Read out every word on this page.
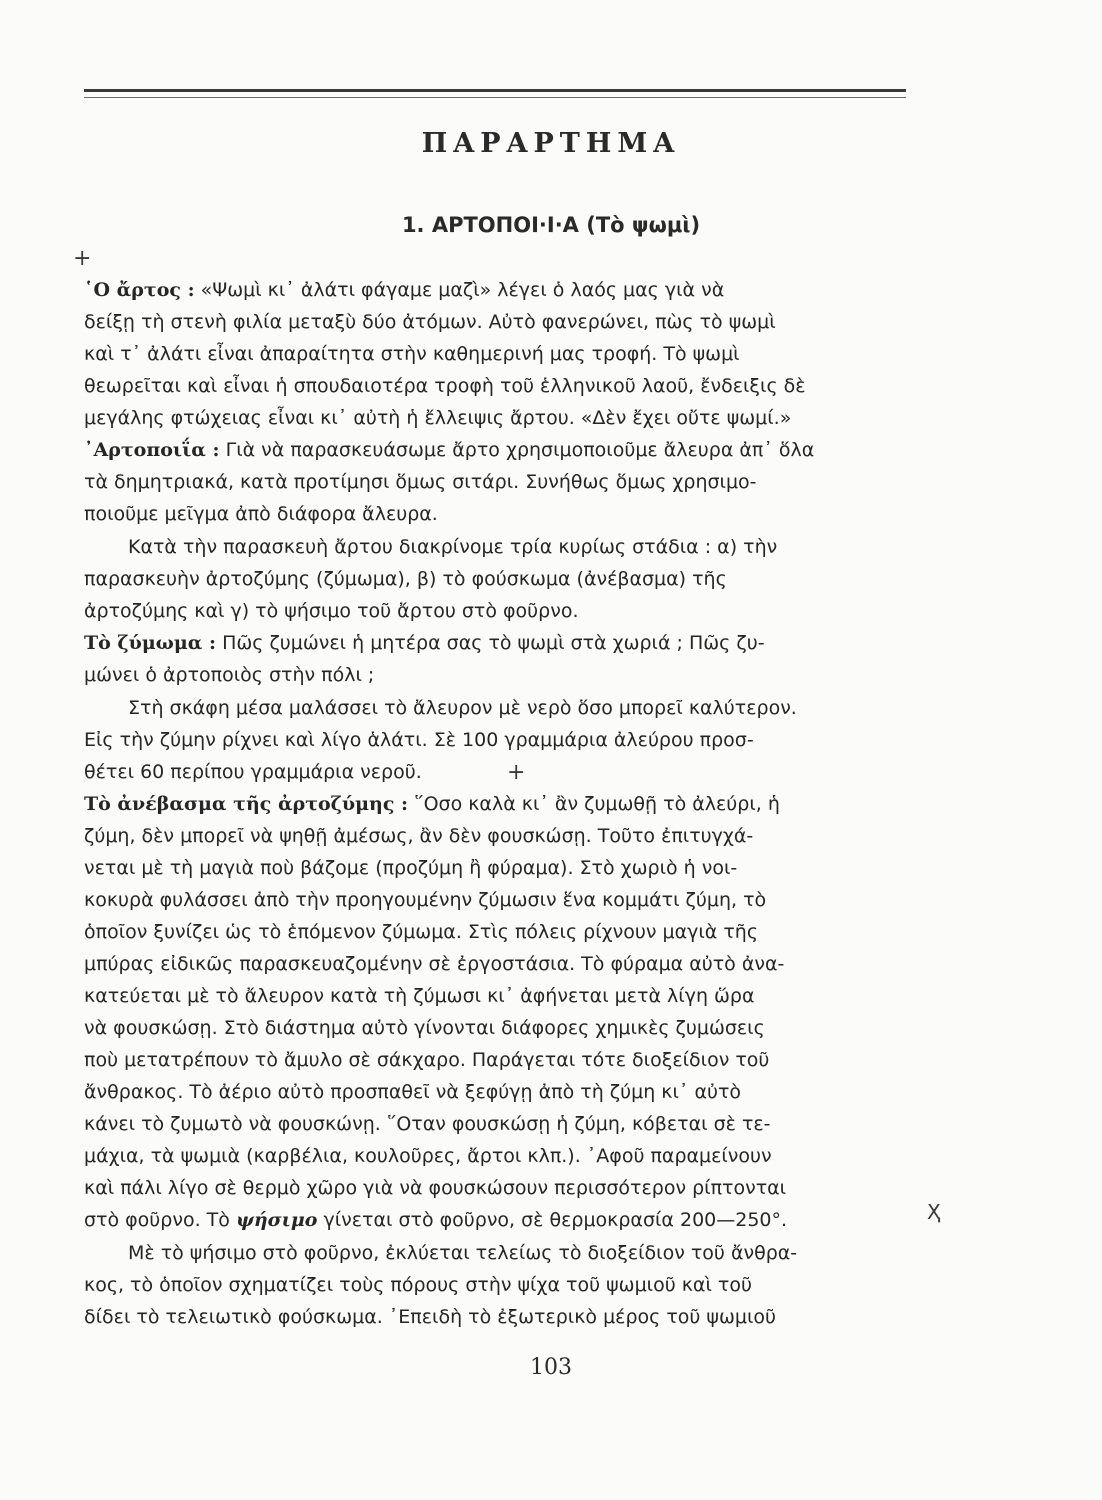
ΠΑΡΑΡΤΗΜΑ
1. ΑΡΤΟΠΟΙ·Ι·Α (Τὸ ψωμὶ)
+
+
Ҳ
῾Ο ἄρτος : «Ψωμὶ κι᾿ ἀλάτι φάγαμε μαζὶ» λέγει ὁ λαός μας γιὰ νὰ
δείξῃ τὴ στενὴ φιλία μεταξὺ δύο ἀτόμων. Αὐτὸ φανερώνει, πὼς τὸ ψωμὶ
καὶ τ᾿ ἀλάτι εἶναι ἀπαραίτητα στὴν καθημερινή μας τροφή. Τὸ ψωμὶ
θεωρεῖται καὶ εἶναι ἡ σπουδαιοτέρα τροφὴ τοῦ ἑλληνικοῦ λαοῦ, ἔνδειξις δὲ
μεγάλης φτώχειας εἶναι κι᾿ αὐτὴ ἡ ἔλλειψις ἄρτου. «Δὲν ἔχει οὔτε ψωμί.»
᾿Αρτοποιΐα : Γιὰ νὰ παρασκευάσωμε ἄρτο χρησιμοποιοῦμε ἄλευρα ἀπ᾿ ὅλα
τὰ δημητριακά, κατὰ προτίμησι ὅμως σιτάρι. Συνήθως ὅμως χρησιμο-
ποιοῦμε μεῖγμα ἀπὸ διάφορα ἄλευρα.
Κατὰ τὴν παρασκευὴ ἄρτου διακρίνομε τρία κυρίως στάδια : α) τὴν
παρασκευὴν ἀρτοζύμης (ζύμωμα), β) τὸ φούσκωμα (ἀνέβασμα) τῆς
ἀρτοζύμης καὶ γ) τὸ ψήσιμο τοῦ ἄρτου στὸ φοῦρνο.
Τὸ ζύμωμα : Πῶς ζυμώνει ἡ μητέρα σας τὸ ψωμὶ στὰ χωριά ; Πῶς ζυ-
μώνει ὁ ἀρτοποιὸς στὴν πόλι ;
Στὴ σκάφη μέσα μαλάσσει τὸ ἄλευρον μὲ νερὸ ὅσο μπορεῖ καλύτερον.
Εἰς τὴν ζύμην ρίχνει καὶ λίγο ἁλάτι. Σὲ 100 γραμμάρια ἀλεύρου προσ-
θέτει 60 περίπου γραμμάρια νεροῦ.
Τὸ ἀνέβασμα τῆς ἀρτοζύμης : ῞Οσο καλὰ κι᾿ ἂν ζυμωθῇ τὸ ἀλεύρι, ἡ
ζύμη, δὲν μπορεῖ νὰ ψηθῇ ἀμέσως, ἂν δὲν φουσκώσῃ. Τοῦτο ἐπιτυγχά-
νεται μὲ τὴ μαγιὰ ποὺ βάζομε (προζύμη ἢ φύραμα). Στὸ χωριὸ ἡ νοι-
κοκυρὰ φυλάσσει ἀπὸ τὴν προηγουμένην ζύμωσιν ἕνα κομμάτι ζύμη, τὸ
ὁποῖον ξυνίζει ὡς τὸ ἑπόμενον ζύμωμα. Στὶς πόλεις ρίχνουν μαγιὰ τῆς
μπύρας εἰδικῶς παρασκευαζομένην σὲ ἐργοστάσια. Τὸ φύραμα αὐτὸ ἀνα-
κατεύεται μὲ τὸ ἄλευρον κατὰ τὴ ζύμωσι κι᾿ ἀφήνεται μετὰ λίγη ὥρα
νὰ φουσκώσῃ. Στὸ διάστημα αὐτὸ γίνονται διάφορες χημικὲς ζυμώσεις
ποὺ μετατρέπουν τὸ ἄμυλο σὲ σάκχαρο. Παράγεται τότε διοξείδιον τοῦ
ἄνθρακος. Τὸ ἀέριο αὐτὸ προσπαθεῖ νὰ ξεφύγῃ ἀπὸ τὴ ζύμη κι᾿ αὐτὸ
κάνει τὸ ζυμωτὸ νὰ φουσκώνῃ. ῞Οταν φουσκώσῃ ἡ ζύμη, κόβεται σὲ τε-
μάχια, τὰ ψωμιὰ (καρβέλια, κουλοῦρες, ἄρτοι κλπ.). ᾿Αφοῦ παραμείνουν
καὶ πάλι λίγο σὲ θερμὸ χῶρο γιὰ νὰ φουσκώσουν περισσότερον ρίπτονται
στὸ φοῦρνο. Τὸ ψήσιμο γίνεται στὸ φοῦρνο, σὲ θερμοκρασία 200—250°.
Μὲ τὸ ψήσιμο στὸ φοῦρνο, ἐκλύεται τελείως τὸ διοξείδιον τοῦ ἄνθρα-
κος, τὸ ὁποῖον σχηματίζει τοὺς πόρους στὴν ψίχα τοῦ ψωμιοῦ καὶ τοῦ
δίδει τὸ τελειωτικὸ φούσκωμα. ᾿Επειδὴ τὸ ἐξωτερικὸ μέρος τοῦ ψωμιοῦ
103
